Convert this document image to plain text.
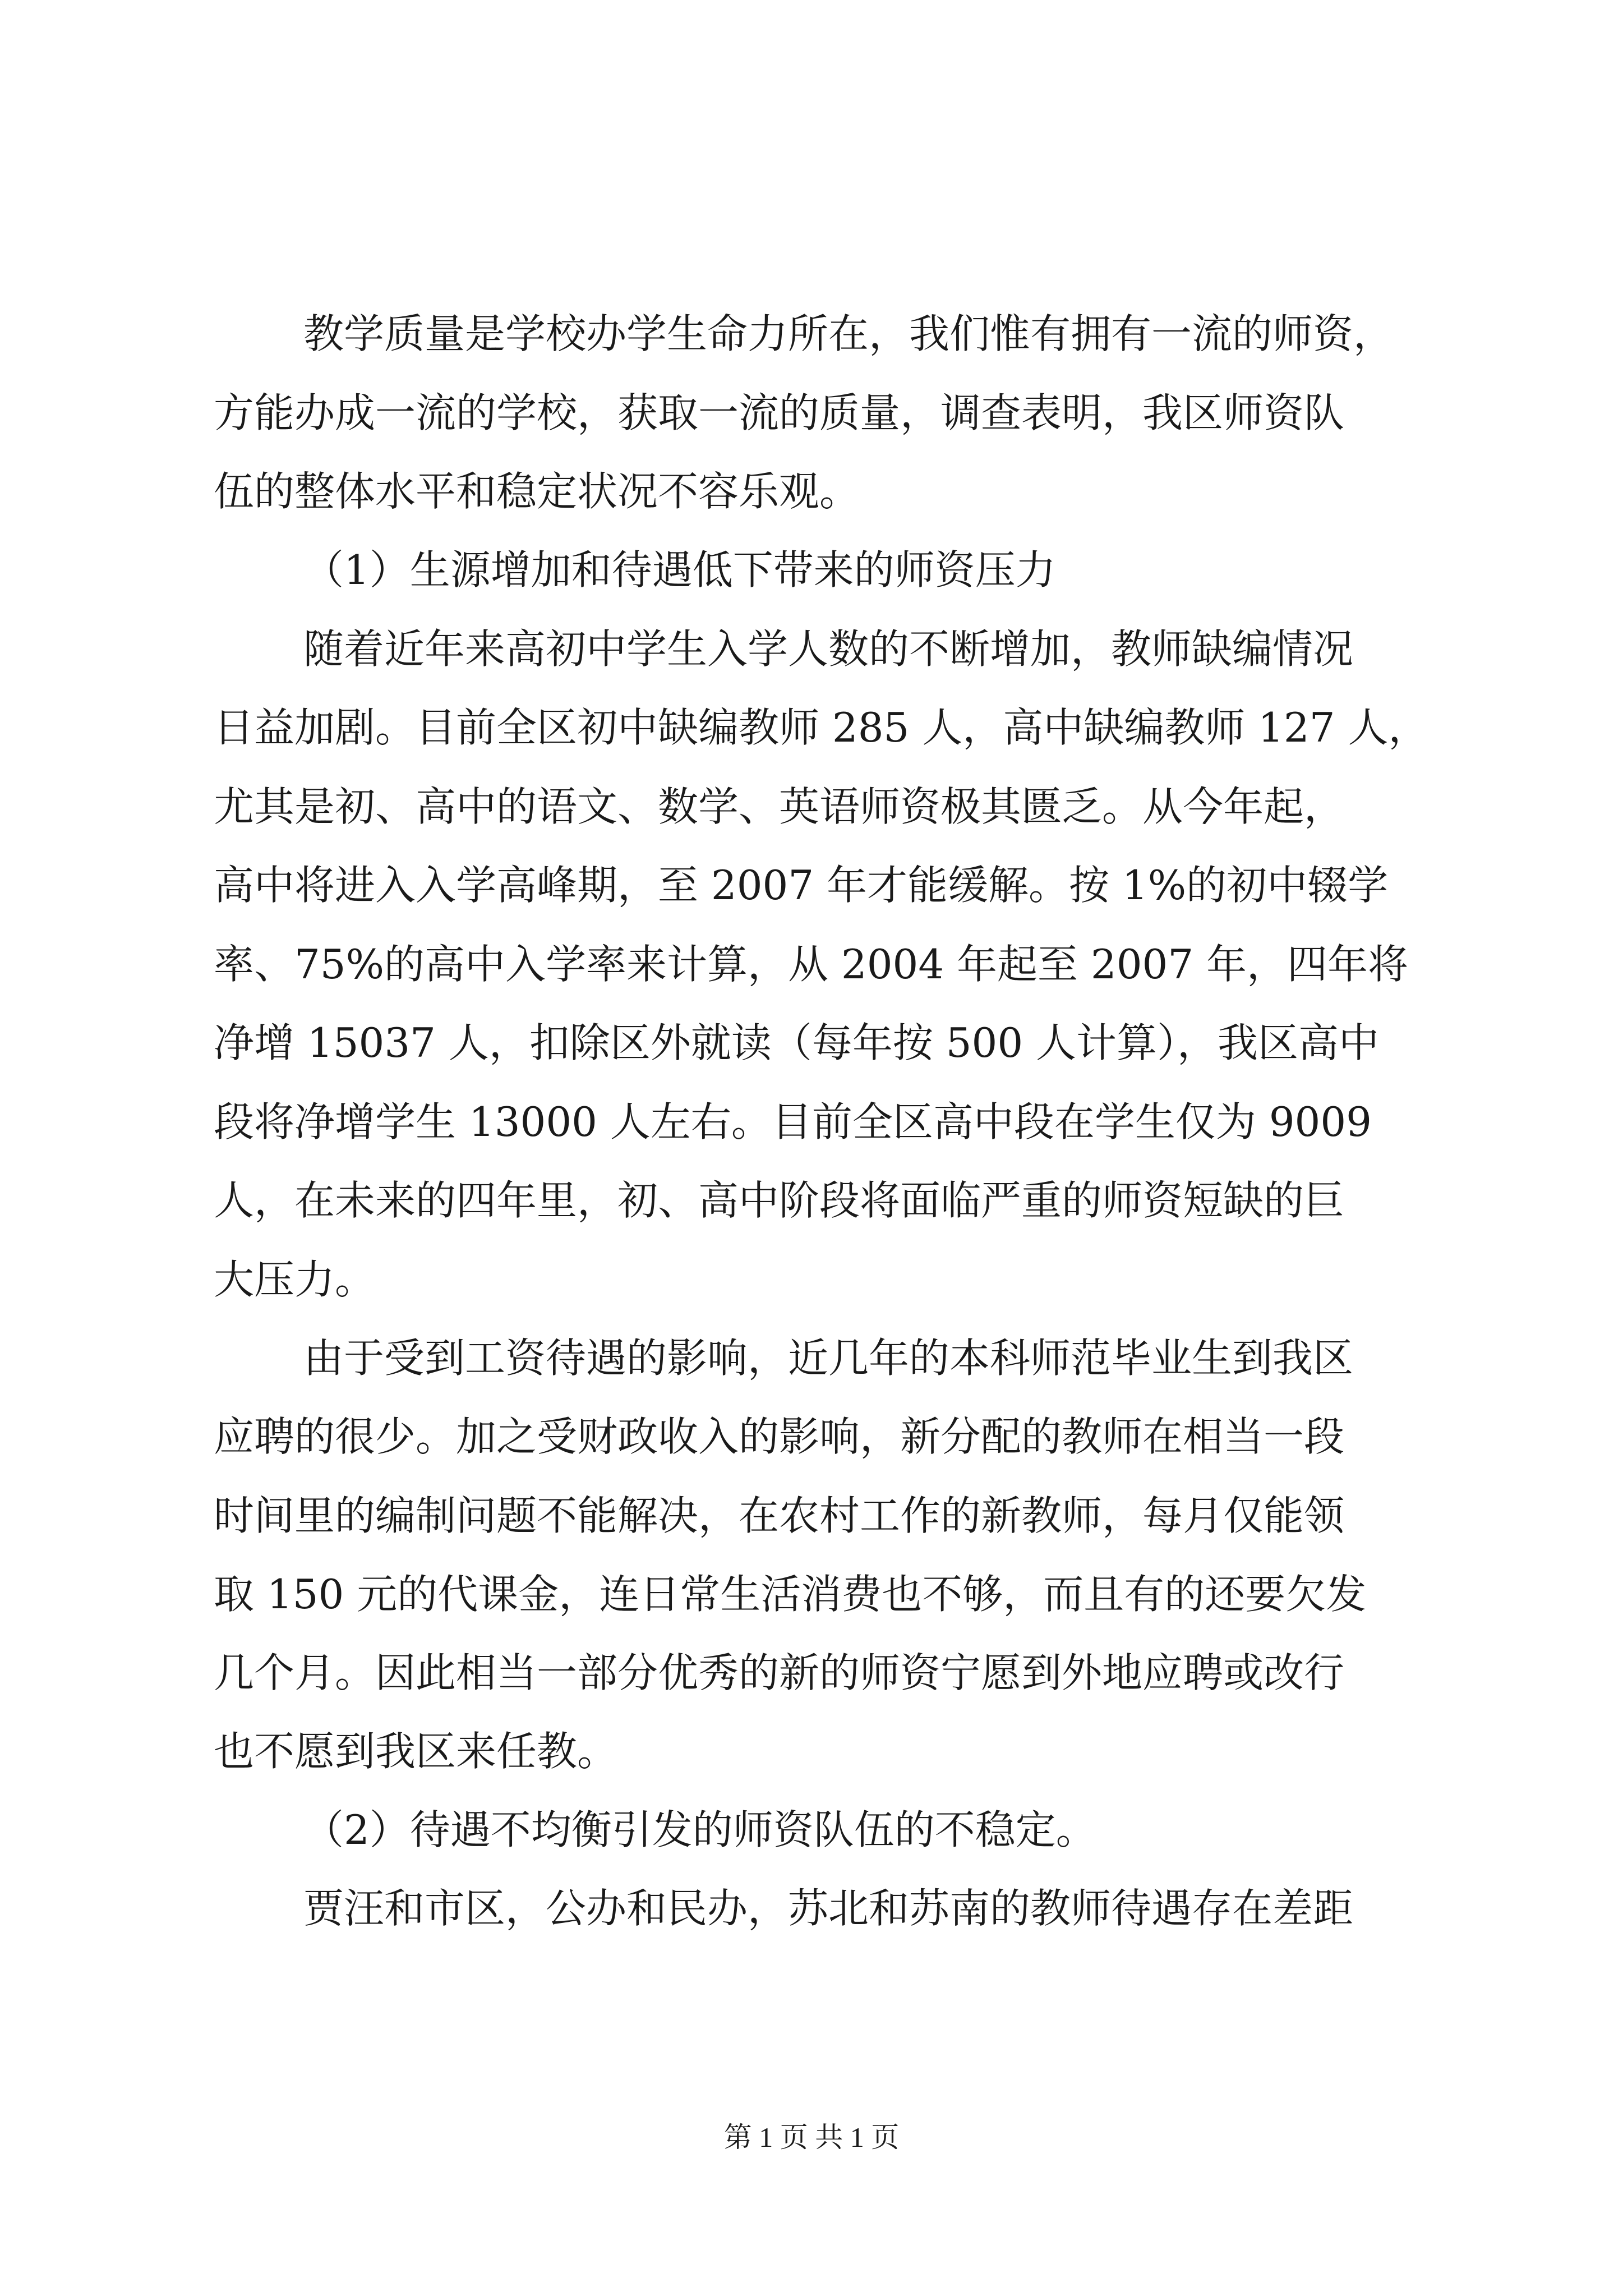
教学质量是学校办学生命力所在，我们惟有拥有一流的师资，
方能办成一流的学校，获取一流的质量，调查表明，我区师资队
伍的整体水平和稳定状况不容乐观。
（1）生源增加和待遇低下带来的师资压力
随着近年来高初中学生入学人数的不断增加，教师缺编情况
日益加剧。目前全区初中缺编教师 285 人，高中缺编教师 127 人，
尤其是初、高中的语文、数学、英语师资极其匮乏。从今年起，
高中将进入入学高峰期，至 2007 年才能缓解。按 1%的初中辍学
率、75%的高中入学率来计算，从 2004 年起至 2007 年，四年将
净增 15037 人，扣除区外就读（每年按 500 人计算），我区高中
段将净增学生 13000 人左右。目前全区高中段在学生仅为 9009
人，在未来的四年里，初、高中阶段将面临严重的师资短缺的巨
大压力。
由于受到工资待遇的影响，近几年的本科师范毕业生到我区
应聘的很少。加之受财政收入的影响，新分配的教师在相当一段
时间里的编制问题不能解决，在农村工作的新教师，每月仅能领
取 150 元的代课金，连日常生活消费也不够，而且有的还要欠发
几个月。因此相当一部分优秀的新的师资宁愿到外地应聘或改行
也不愿到我区来任教。
（2）待遇不均衡引发的师资队伍的不稳定。
贾汪和市区，公办和民办，苏北和苏南的教师待遇存在差距
第 1 页 共 1 页
